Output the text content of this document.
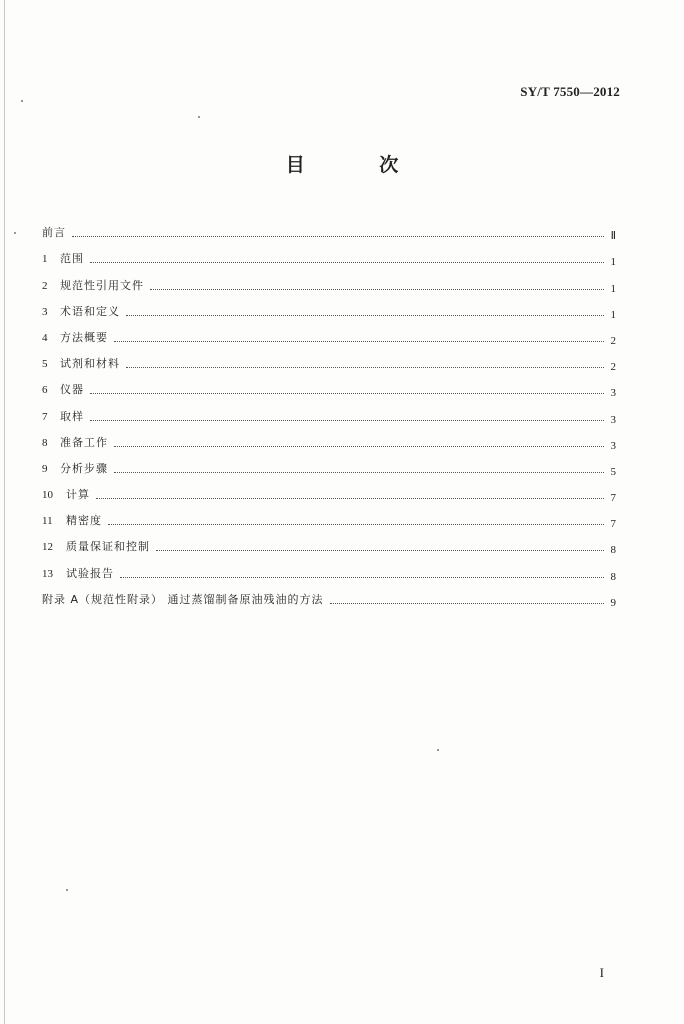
SY/T 7550—2012
目 次
前言	Ⅱ
1	范围	1
2	规范性引用文件	1
3	术语和定义	1
4	方法概要	2
5	试剂和材料	2
6	仪器	3
7	取样	3
8	准备工作	3
9	分析步骤	5
10	计算	7
11	精密度	7
12	质量保证和控制	8
13	试验报告	8
附录 A（规范性附录） 通过蒸馏制备原油残油的方法	9
I
